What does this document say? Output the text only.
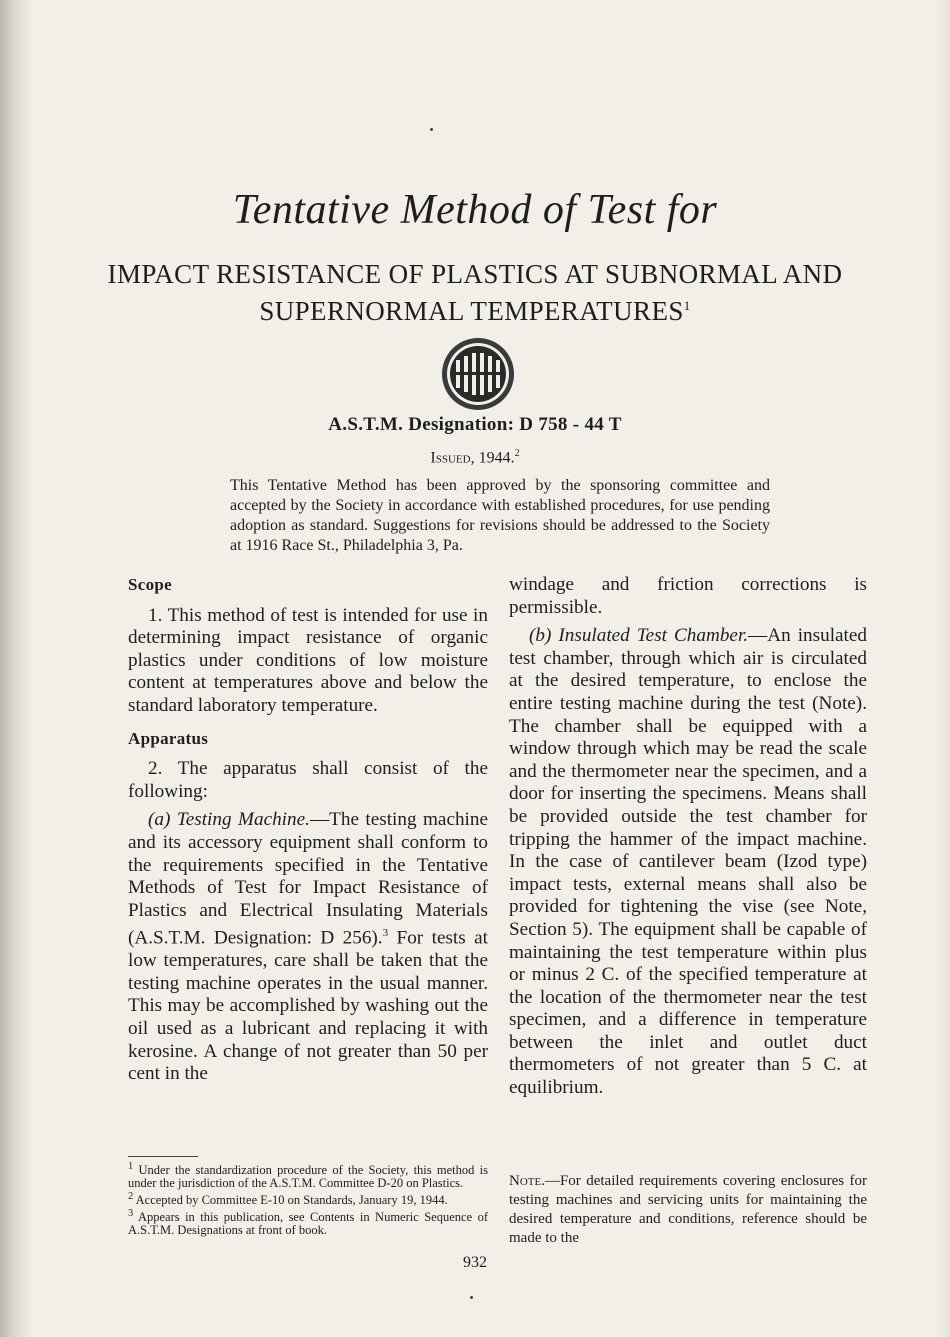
Tentative Method of Test for
IMPACT RESISTANCE OF PLASTICS AT SUBNORMAL AND
SUPERNORMAL TEMPERATURES$^1$
A.S.T.M. Designation: D 758 - 44 T
Issued, 1944.$^2$
This Tentative Method has been approved by the sponsoring committee and accepted by the Society in accordance with established procedures, for use pending adoption as standard. Suggestions for revisions should be addressed to the Society at 1916 Race St., Philadelphia 3, Pa.

Scope

1. This method of test is intended for use in determining impact resistance of organic plastics under conditions of low moisture content at temperatures above and below the standard laboratory temperature.

Apparatus

2. The apparatus shall consist of the following:

(a) Testing Machine.—The testing machine and its accessory equipment shall conform to the requirements specified in the Tentative Methods of Test for Impact Resistance of Plastics and Electrical Insulating Materials (A.S.T.M. Designation: D 256).$^3$ For tests at low temperatures, care shall be taken that the testing machine operates in the usual manner. This may be accomplished by washing out the oil used as a lubricant and replacing it with kerosine. A change of not greater than 50 per cent in the

windage and friction corrections is permissible.

(b) Insulated Test Chamber.—An insulated test chamber, through which air is circulated at the desired temperature, to enclose the entire testing machine during the test (Note). The chamber shall be equipped with a window through which may be read the scale and the thermometer near the specimen, and a door for inserting the specimens. Means shall be provided outside the test chamber for tripping the hammer of the impact machine. In the case of cantilever beam (Izod type) impact tests, external means shall also be provided for tightening the vise (see Note, Section 5). The equipment shall be capable of maintaining the test temperature within plus or minus 2 C. of the specified temperature at the location of the thermometer near the test specimen, and a difference in temperature between the inlet and outlet duct thermometers of not greater than 5 C. at equilibrium.

$^1$ Under the standardization procedure of the Society, this method is under the jurisdiction of the A.S.T.M. Committee D-20 on Plastics.

$^2$ Accepted by Committee E-10 on Standards, January 19, 1944.

$^3$ Appears in this publication, see Contents in Numeric Sequence of A.S.T.M. Designations at front of book.

Note.—For detailed requirements covering enclosures for testing machines and servicing units for maintaining the desired temperature and conditions, reference should be made to the
932
